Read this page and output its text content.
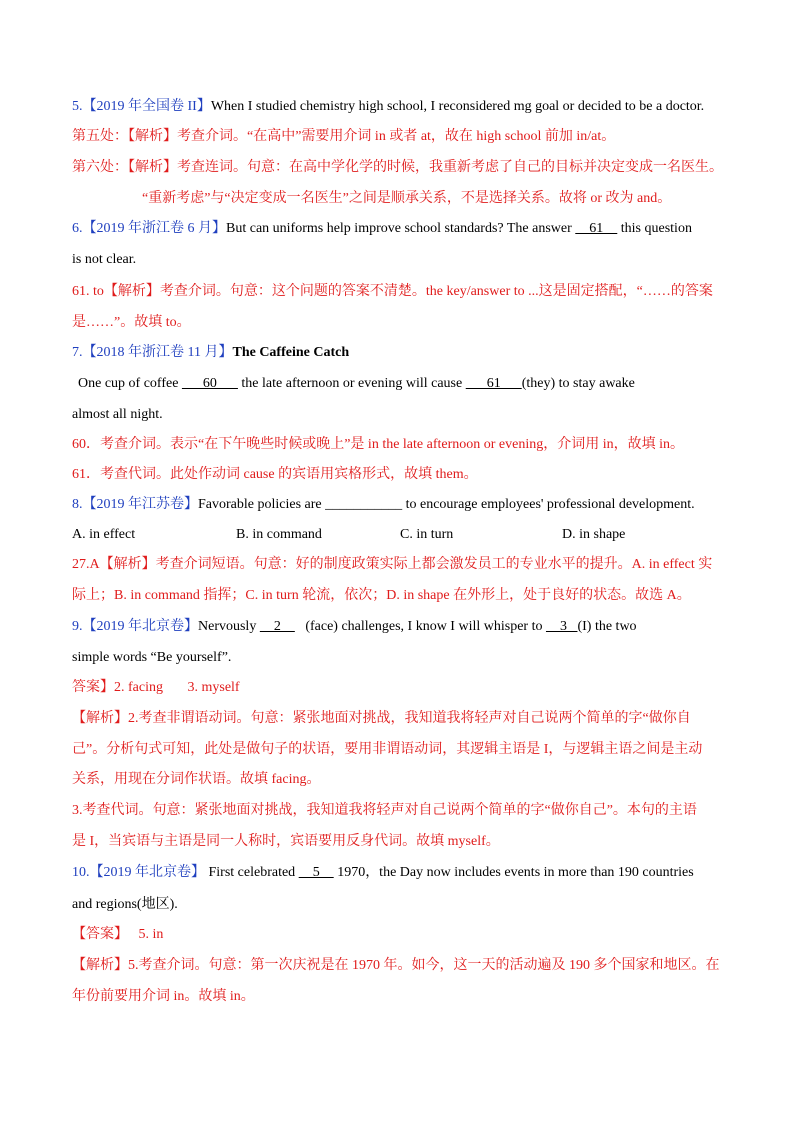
5.【2019 年全国卷 II】When I studied chemistry high school, I reconsidered mg goal or decided to be a doctor.
第五处：【解析】考查介词。“在高中”需要用介词 in 或者 at，故在 high school 前加 in/at。
第六处：【解析】考查连词。句意：在高中学化学的时候，我重新考虑了自己的目标并决定变成一名医生。
“重新考虑”与“决定变成一名医生”之间是顺承关系，不是选择关系。故将 or 改为 and。
6.【2019 年浙江卷 6 月】But can uniforms help improve school standards? The answer     61     this question
is not clear.
61. to【解析】考查介词。句意：这个问题的答案不清楚。the key/answer to ...这是固定搭配，“……的答案
是……”。故填 to。
7.【2018 年浙江卷 11 月】The Caffeine Catch
One cup of coffee       60       the late afternoon or evening will cause       61      (they) to stay awake
almost all night.
60．考查介词。表示“在下午晚些时候或晚上”是 in the late afternoon or evening，介词用 in，故填 in。
61．考查代词。此处作动词 cause 的宾语用宾格形式，故填 them。
8.【2019 年江苏卷】Favorable policies are ___________ to encourage employees' professional development.
A. in effect	B. in command	C. in turn	D. in shape
27.A【解析】考查介词短语。句意：好的制度政策实际上都会激发员工的专业水平的提升。A. in effect 实
际上；B. in command 指挥；C. in turn 轮流，依次；D. in shape 在外形上，处于良好的状态。故选 A。
9.【2019 年北京卷】Nervously     2       (face) challenges, I know I will whisper to     3   (I) the two
simple words “Be yourself”.
答案】2. facing       3. myself
【解析】2.考查非谓语动词。句意：紧张地面对挑战，我知道我将轻声对自己说两个简单的字“做你自
己”。分析句式可知，此处是做句子的状语，要用非谓语动词，其逻辑主语是 I，与逻辑主语之间是主动
关系，用现在分词作状语。故填 facing。
3.考查代词。句意：紧张地面对挑战，我知道我将轻声对自己说两个简单的字“做你自己”。本句的主语
是 I，当宾语与主语是同一人称时，宾语要用反身代词。故填 myself。
10.【2019 年北京卷】 First celebrated     5     1970，the Day now includes events in more than 190 countries
and regions(地区).
【答案】   5. in
【解析】5.考查介词。句意：第一次庆祝是在 1970 年。如今，这一天的活动遍及 190 多个国家和地区。在
年份前要用介词 in。故填 in。
